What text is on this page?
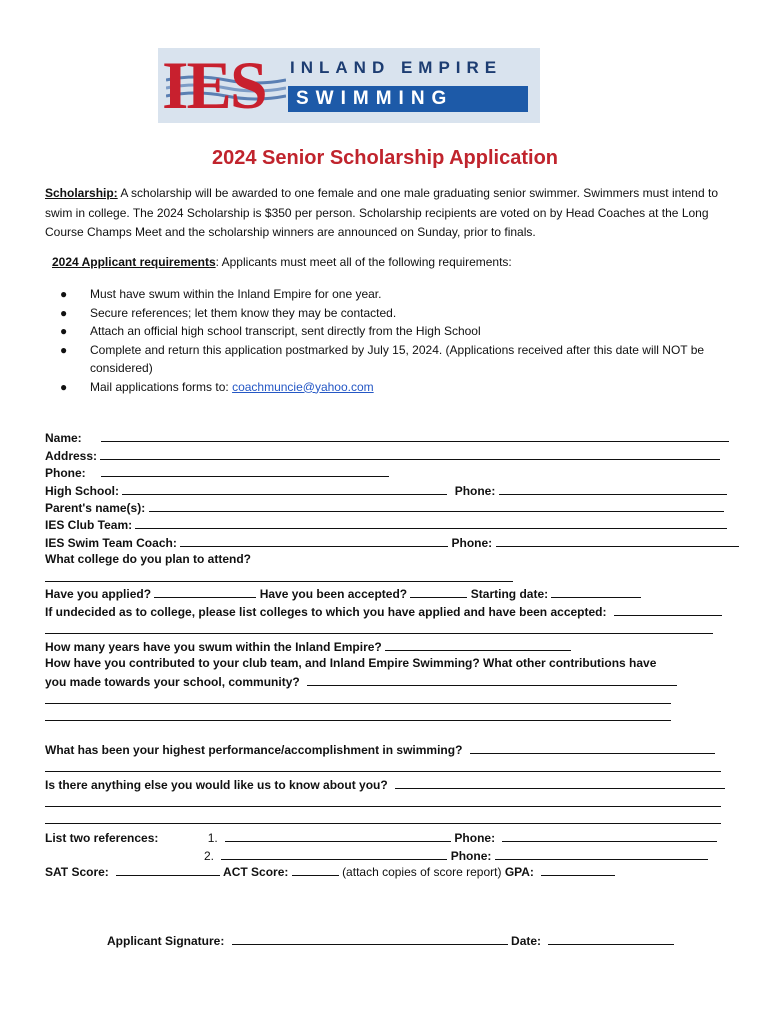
IES INLAND EMPIRE
SWIMMING
2024 Senior Scholarship Application
Scholarship: A scholarship will be awarded to one female and one male graduating senior swimmer. Swimmers must intend to swim in college. The 2024 Scholarship is $350 per person. Scholarship recipients are voted on by Head Coaches at the Long Course Champs Meet and the scholarship winners are announced on Sunday, prior to finals.
2024 Applicant requirements: Applicants must meet all of the following requirements:
● Must have swum within the Inland Empire for one year.
● Secure references; let them know they may be contacted.
● Attach an official high school transcript, sent directly from the High School
● Complete and return this application postmarked by July 15, 2024. (Applications received after this date will NOT be considered)
● Mail applications forms to: coachmuncie@yahoo.com
Name:
Address:
Phone:
High School:	Phone:
Parent's name(s):
IES Club Team:
IES Swim Team Coach:	Phone:
What college do you plan to attend?
Have you applied?	Have you been accepted?	Starting date:
If undecided as to college, please list colleges to which you have applied and have been accepted:
How many years have you swum within the Inland Empire?
How have you contributed to your club team, and Inland Empire Swimming? What other contributions have
you made towards your school, community?
What has been your highest performance/accomplishment in swimming?
Is there anything else you would like us to know about you?
List two references:	1.	Phone:
2.	Phone:
SAT Score:	ACT Score:	(attach copies of score report) GPA:
Applicant Signature:	Date:
